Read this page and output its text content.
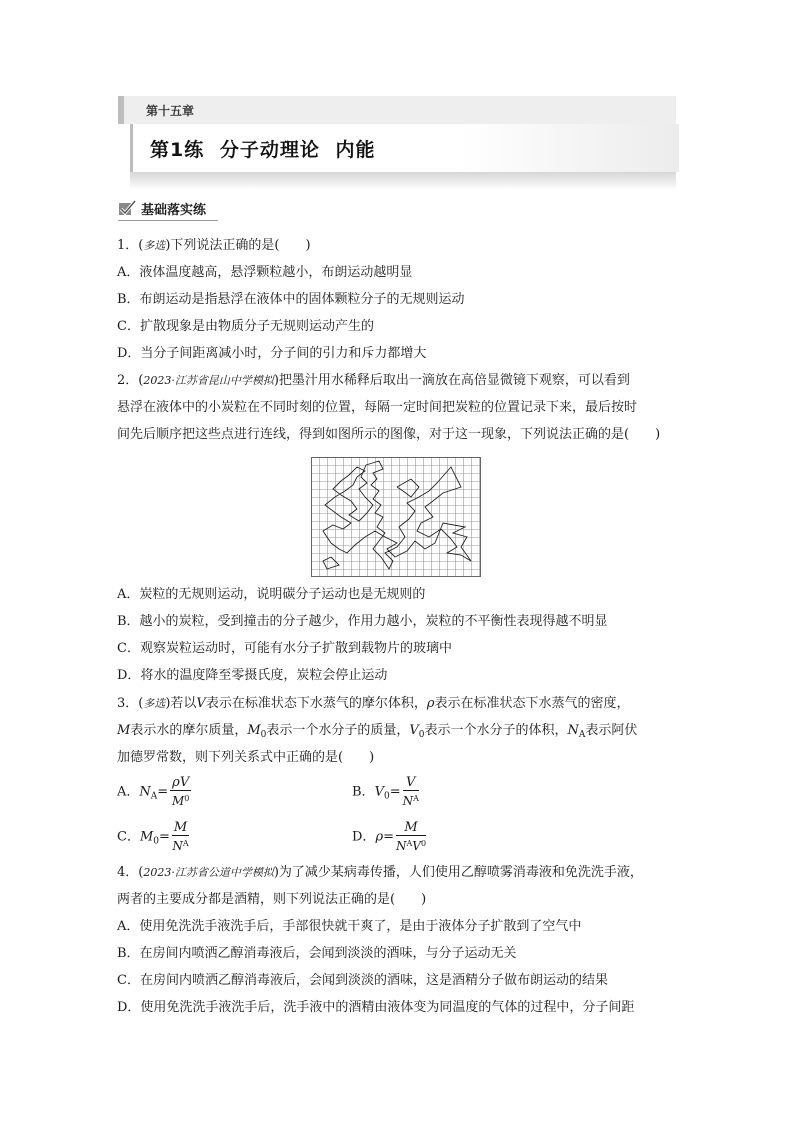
第十五章
第1练 分子动理论 内能
基础落实练
1．(多选)下列说法正确的是(　　)
A．液体温度越高，悬浮颗粒越小，布朗运动越明显
B．布朗运动是指悬浮在液体中的固体颗粒分子的无规则运动
C．扩散现象是由物质分子无规则运动产生的
D．当分子间距离减小时，分子间的引力和斥力都增大
2．(2023·江苏省昆山中学模拟)把墨汁用水稀释后取出一滴放在高倍显微镜下观察，可以看到
悬浮在液体中的小炭粒在不同时刻的位置，每隔一定时间把炭粒的位置记录下来，最后按时
间先后顺序把这些点进行连线，得到如图所示的图像，对于这一现象，下列说法正确的是(　　)
A．炭粒的无规则运动，说明碳分子运动也是无规则的
B．越小的炭粒，受到撞击的分子越少，作用力越小，炭粒的不平衡性表现得越不明显
C．观察炭粒运动时，可能有水分子扩散到载物片的玻璃中
D．将水的温度降至零摄氏度，炭粒会停止运动
3．(多选)若以V表示在标准状态下水蒸气的摩尔体积，ρ表示在标准状态下水蒸气的密度，
M表示水的摩尔质量，$M_0$表示一个水分子的质量，$V_0$表示一个水分子的体积，$N_A$表示阿伏
加德罗常数，则下列关系式中正确的是(　　)
A．$N_A= \frac{\rho V}{M^0}$	B．$V_0= \frac{V}{N^A}$
C．$M_0= \frac{M}{N^A}$	D．$\rho= \frac{M}{N^AV^0}$
4．(2023·江苏省公道中学模拟)为了减少某病毒传播，人们使用乙醇喷雾消毒液和免洗洗手液，
两者的主要成分都是酒精，则下列说法正确的是(　　)
A．使用免洗洗手液洗手后，手部很快就干爽了，是由于液体分子扩散到了空气中
B．在房间内喷洒乙醇消毒液后，会闻到淡淡的酒味，与分子运动无关
C．在房间内喷洒乙醇消毒液后，会闻到淡淡的酒味，这是酒精分子做布朗运动的结果
D．使用免洗洗手液洗手后，洗手液中的酒精由液体变为同温度的气体的过程中，分子间距
